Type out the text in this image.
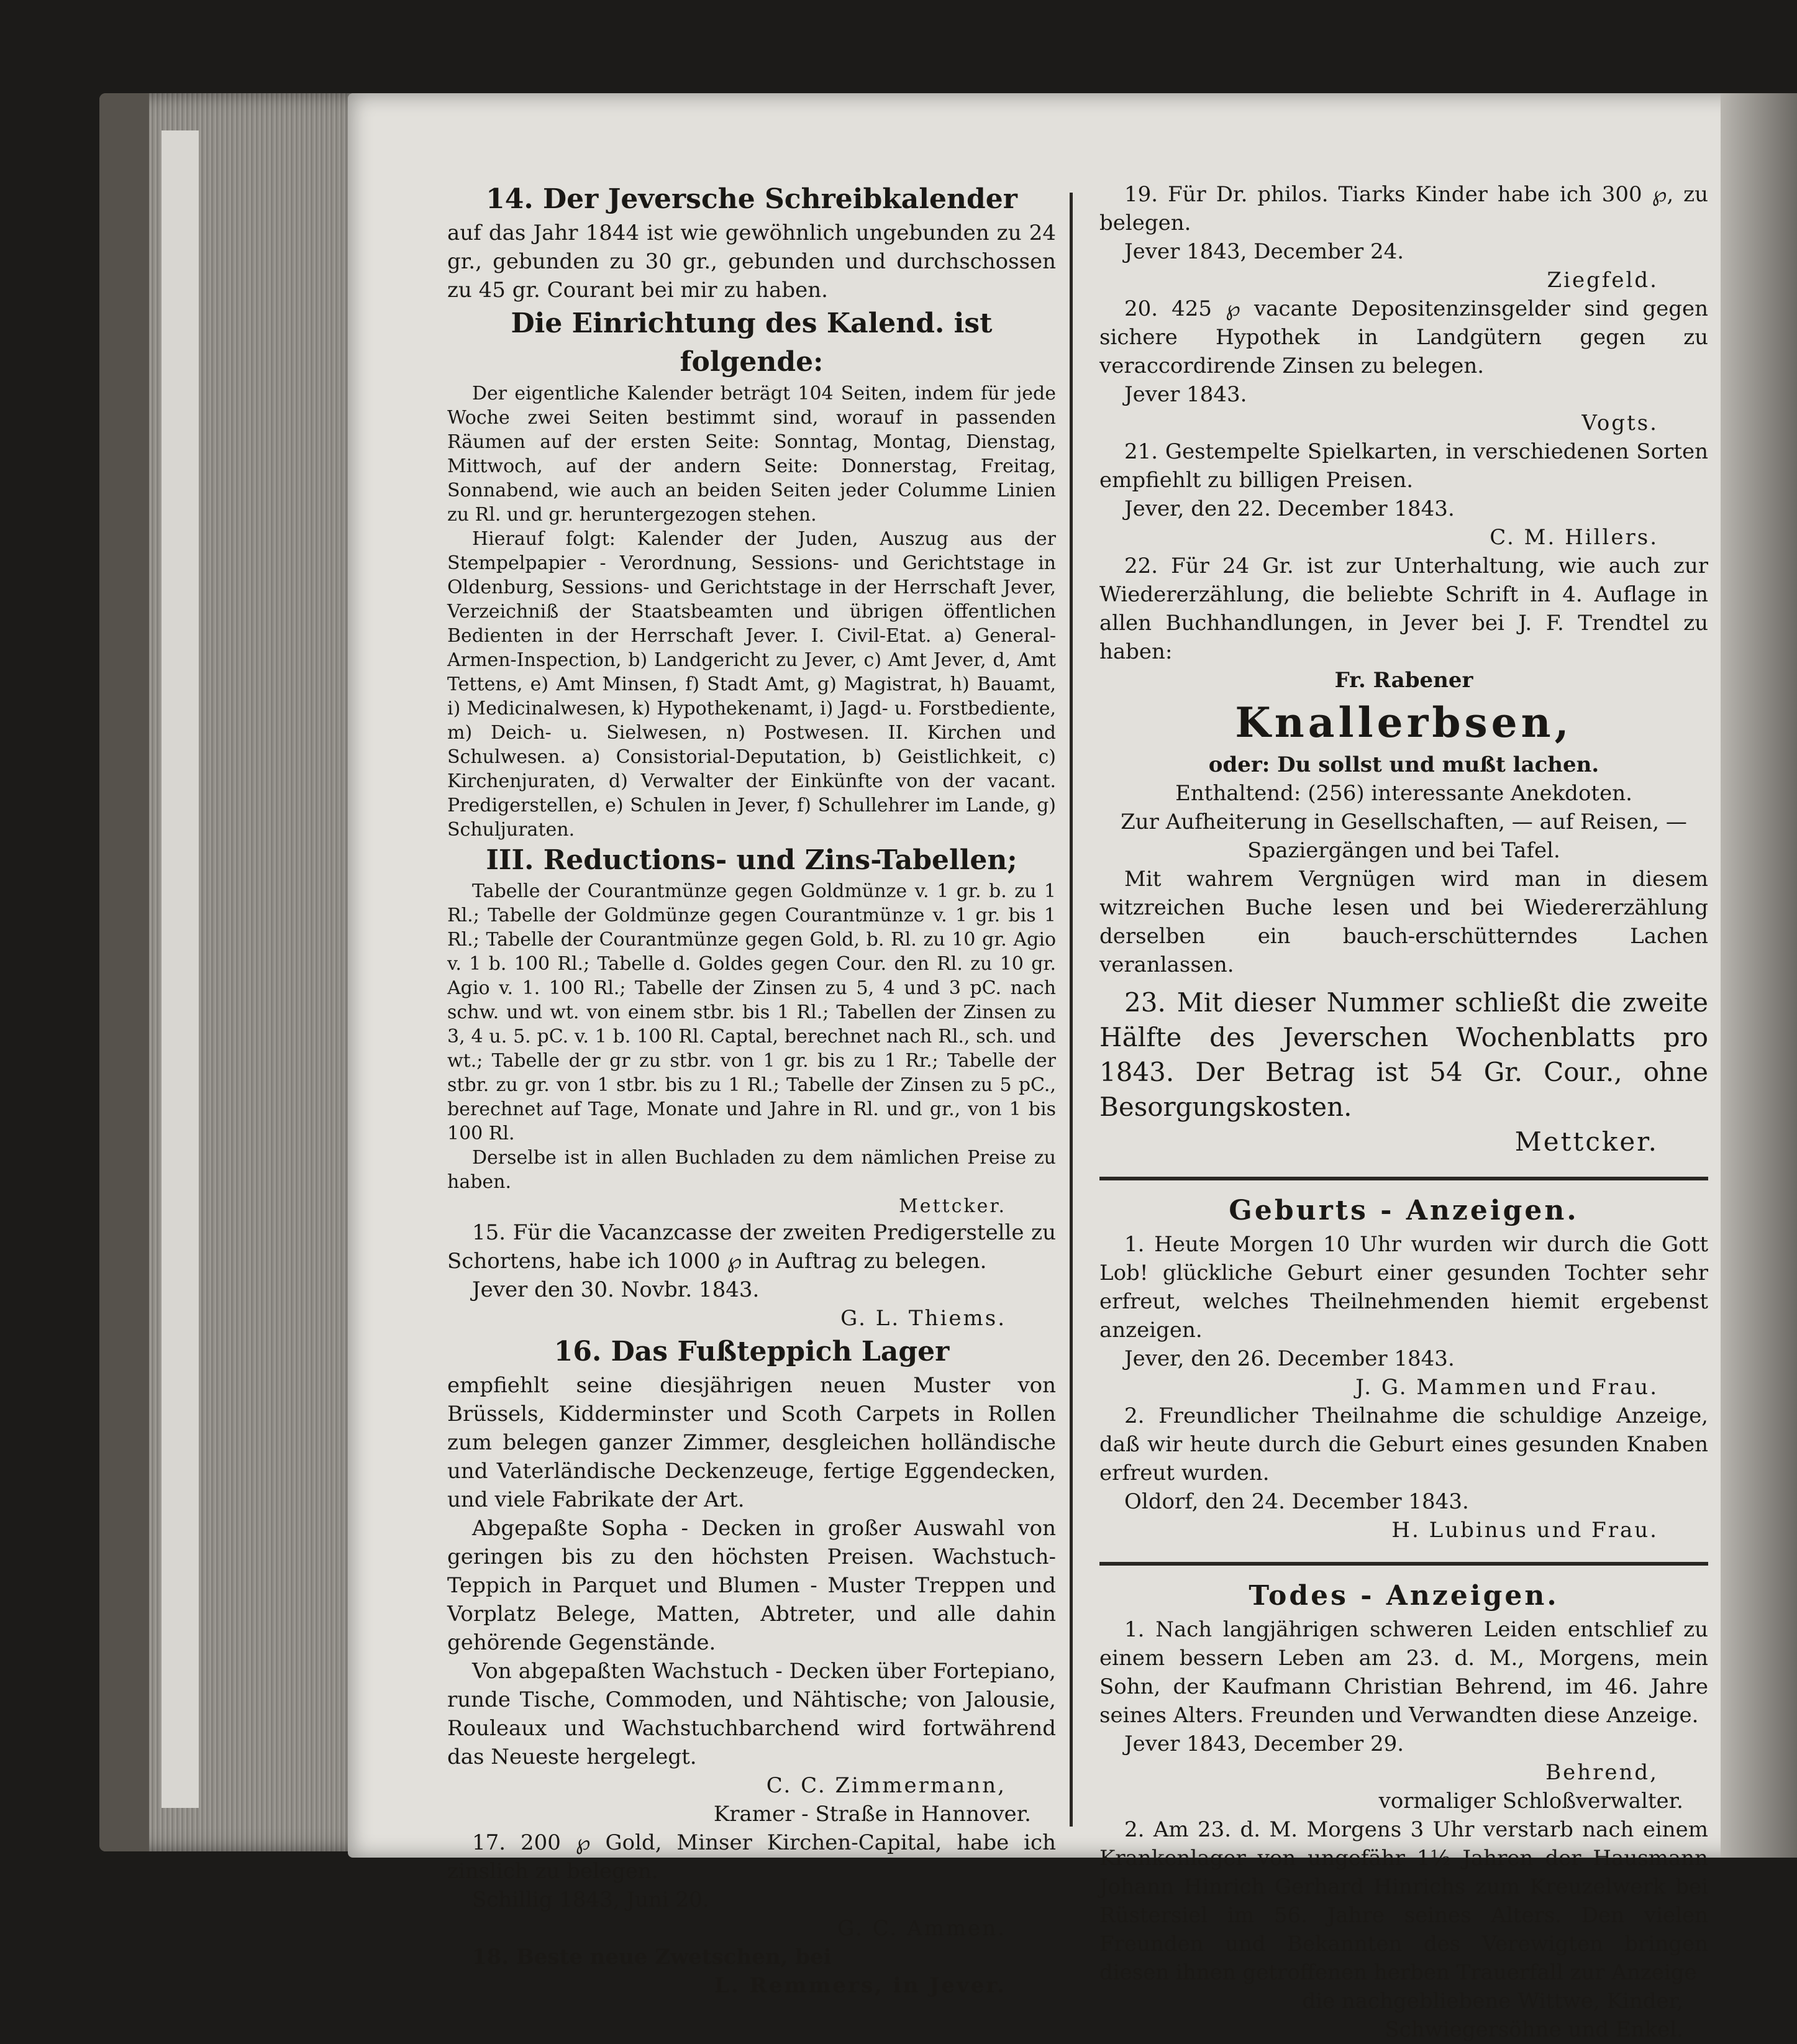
14. Der Jeversche Schreibkalender

auf das Jahr 1844 ist wie gewöhnlich ungebunden zu 24 gr., gebunden zu 30 gr., gebunden und durchschossen zu 45 gr. Courant bei mir zu haben.

Die Einrichtung des Kalend. ist folgende:

Der eigentliche Kalender beträgt 104 Seiten, indem für jede Woche zwei Seiten bestimmt sind, worauf in passenden Räumen auf der ersten Seite: Sonntag, Montag, Dienstag, Mittwoch, auf der andern Seite: Donnerstag, Freitag, Sonnabend, wie auch an beiden Seiten jeder Columme Linien zu Rl. und gr. heruntergezogen stehen.

Hierauf folgt: Kalender der Juden, Auszug aus der Stempelpapier - Verordnung, Sessions- und Gerichtstage in Oldenburg, Sessions- und Gerichtstage in der Herrschaft Jever, Verzeichniß der Staatsbeamten und übrigen öffentlichen Bedienten in der Herrschaft Jever. I. Civil-Etat. a) General-Armen-Inspection, b) Landgericht zu Jever, c) Amt Jever, d, Amt Tettens, e) Amt Minsen, f) Stadt Amt, g) Magistrat, h) Bauamt, i) Medicinalwesen, k) Hypothekenamt, i) Jagd- u. Forstbediente, m) Deich- u. Sielwesen, n) Postwesen. II. Kirchen und Schulwesen. a) Consistorial-Deputation, b) Geistlichkeit, c) Kirchenjuraten, d) Verwalter der Einkünfte von der vacant. Predigerstellen, e) Schulen in Jever, f) Schullehrer im Lande, g) Schuljuraten.

III. Reductions- und Zins-Tabellen;

Tabelle der Courantmünze gegen Goldmünze v. 1 gr. b. zu 1 Rl.; Tabelle der Goldmünze gegen Courantmünze v. 1 gr. bis 1 Rl.; Tabelle der Courantmünze gegen Gold, b. Rl. zu 10 gr. Agio v. 1 b. 100 Rl.; Tabelle d. Goldes gegen Cour. den Rl. zu 10 gr. Agio v. 1. 100 Rl.; Tabelle der Zinsen zu 5, 4 und 3 pC. nach schw. und wt. von einem stbr. bis 1 Rl.; Tabellen der Zinsen zu 3, 4 u. 5. pC. v. 1 b. 100 Rl. Captal, berechnet nach Rl., sch. und wt.; Tabelle der gr zu stbr. von 1 gr. bis zu 1 Rr.; Tabelle der stbr. zu gr. von 1 stbr. bis zu 1 Rl.; Tabelle der Zinsen zu 5 pC., berechnet auf Tage, Monate und Jahre in Rl. und gr., von 1 bis 100 Rl.

Derselbe ist in allen Buchladen zu dem nämlichen Preise zu haben.

Mettcker.

15. Für die Vacanzcasse der zweiten Predigerstelle zu Schortens, habe ich 1000 ℘ in Auftrag zu belegen.

Jever den 30. Novbr. 1843.

G. L. Thiems.

16. Das Fußteppich Lager

empfiehlt seine diesjährigen neuen Muster von Brüssels, Kidderminster und Scoth Carpets in Rollen zum belegen ganzer Zimmer, desgleichen holländische und Vaterländische Deckenzeuge, fertige Eggendecken, und viele Fabrikate der Art.

Abgepaßte Sopha - Decken in großer Auswahl von geringen bis zu den höchsten Preisen. Wachstuch-Teppich in Parquet und Blumen - Muster Treppen und Vorplatz Belege, Matten, Abtreter, und alle dahin gehörende Gegenstände.

Von abgepaßten Wachstuch - Decken über Fortepiano, runde Tische, Commoden, und Nähtische; von Jalousie, Rouleaux und Wachstuchbarchend wird fortwährend das Neueste hergelegt.

C. C. Zimmermann,

Kramer - Straße in Hannover.

17. 200 ℘ Gold, Minser Kirchen-Capital, habe ich zinslich zu belegen.

Schillig 1843, Juni 20.

G. C. Ammen.

18. Beste neue Zwetschen, bei

L. Remmers, in Jever.

19. Für Dr. philos. Tiarks Kinder habe ich 300 ℘, zu belegen.

Jever 1843, December 24.

Ziegfeld.

20. 425 ℘ vacante Depositenzinsgelder sind gegen sichere Hypothek in Landgütern gegen zu veraccordirende Zinsen zu belegen.

Jever 1843.

Vogts.

21. Gestempelte Spielkarten, in verschiedenen Sorten empfiehlt zu billigen Preisen.

Jever, den 22. December 1843.

C. M. Hillers.

22. Für 24 Gr. ist zur Unterhaltung, wie auch zur Wiedererzählung, die beliebte Schrift in 4. Auflage in allen Buchhandlungen, in Jever bei J. F. Trendtel zu haben:

Fr. Rabener

Knallerbsen,

oder: Du sollst und mußt lachen.

Enthaltend: (256) interessante Anekdoten.

Zur Aufheiterung in Gesellschaften, — auf Reisen, — Spaziergängen und bei Tafel.

Mit wahrem Vergnügen wird man in diesem witzreichen Buche lesen und bei Wiedererzählung derselben ein bauch-erschütterndes Lachen veranlassen.

23. Mit dieser Nummer schließt die zweite Hälfte des Jeverschen Wochenblatts pro 1843. Der Betrag ist 54 Gr. Cour., ohne Besorgungskosten.

Mettcker.

Geburts - Anzeigen.

1. Heute Morgen 10 Uhr wurden wir durch die Gott Lob! glückliche Geburt einer gesunden Tochter sehr erfreut, welches Theilnehmenden hiemit ergebenst anzeigen.

Jever, den 26. December 1843.

J. G. Mammen und Frau.

2. Freundlicher Theilnahme die schuldige Anzeige, daß wir heute durch die Geburt eines gesunden Knaben erfreut wurden.

Oldorf, den 24. December 1843.

H. Lubinus und Frau.

Todes - Anzeigen.

1. Nach langjährigen schweren Leiden entschlief zu einem bessern Leben am 23. d. M., Morgens, mein Sohn, der Kaufmann Christian Behrend, im 46. Jahre seines Alters. Freunden und Verwandten diese Anzeige.

Jever 1843, December 29.

Behrend,

vormaliger Schloßverwalter.

2. Am 23. d. M. Morgens 3 Uhr verstarb nach einem Krankenlager von ungefähr 1½ Jahren der Hausmann Johann Hinrich Gerhard Hinrichs zum Kreuzelwerk bei Rüstersiel im 56. Jahre seines Alters. Den vielen Freunden und Bekannten des Verewigten bringen diesen ihnen getroffenen herben Trauerfall zur Anzeige

die nachgebliebene Wittwe, Kinder,

Schwiegersöhne und Enkel.
